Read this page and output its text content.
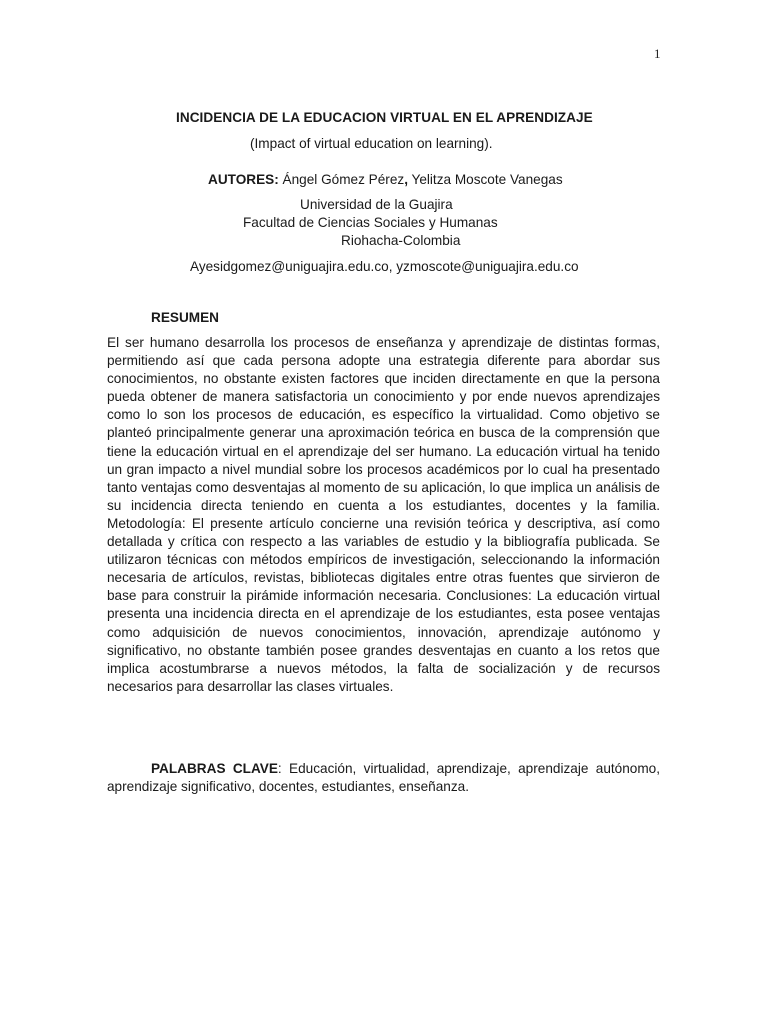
1
INCIDENCIA DE LA EDUCACION VIRTUAL EN EL APRENDIZAJE
(Impact of virtual education on learning).
AUTORES: Ángel Gómez Pérez, Yelitza Moscote Vanegas
Universidad de la Guajira
Facultad de Ciencias Sociales y Humanas
Riohacha-Colombia
Ayesidgomez@uniguajira.edu.co, yzmoscote@uniguajira.edu.co
RESUMEN

El ser humano desarrolla los procesos de enseñanza y aprendizaje de distintas formas, permitiendo así que cada persona adopte una estrategia diferente para abordar sus conocimientos, no obstante existen factores que inciden directamente en que la persona pueda obtener de manera satisfactoria un conocimiento y por ende nuevos aprendizajes como lo son los procesos de educación, es específico la virtualidad. Como objetivo se planteó principalmente generar una aproximación teórica en busca de la comprensión que tiene la educación virtual en el aprendizaje del ser humano. La educación virtual ha tenido un gran impacto a nivel mundial sobre los procesos académicos por lo cual ha presentado tanto ventajas como desventajas al momento de su aplicación, lo que implica un análisis de su incidencia directa teniendo en cuenta a los estudiantes, docentes y la familia. Metodología: El presente artículo concierne una revisión teórica y descriptiva, así como detallada y crítica con respecto a las variables de estudio y la bibliografía publicada. Se utilizaron técnicas con métodos empíricos de investigación, seleccionando la información necesaria de artículos, revistas, bibliotecas digitales entre otras fuentes que sirvieron de base para construir la pirámide información necesaria. Conclusiones: La educación virtual presenta una incidencia directa en el aprendizaje de los estudiantes, esta posee ventajas como adquisición de nuevos conocimientos, innovación, aprendizaje autónomo y significativo, no obstante también posee grandes desventajas en cuanto a los retos que implica acostumbrarse a nuevos métodos, la falta de socialización y de recursos necesarios para desarrollar las clases virtuales.

PALABRAS CLAVE: Educación, virtualidad, aprendizaje, aprendizaje autónomo, aprendizaje significativo, docentes, estudiantes, enseñanza.
